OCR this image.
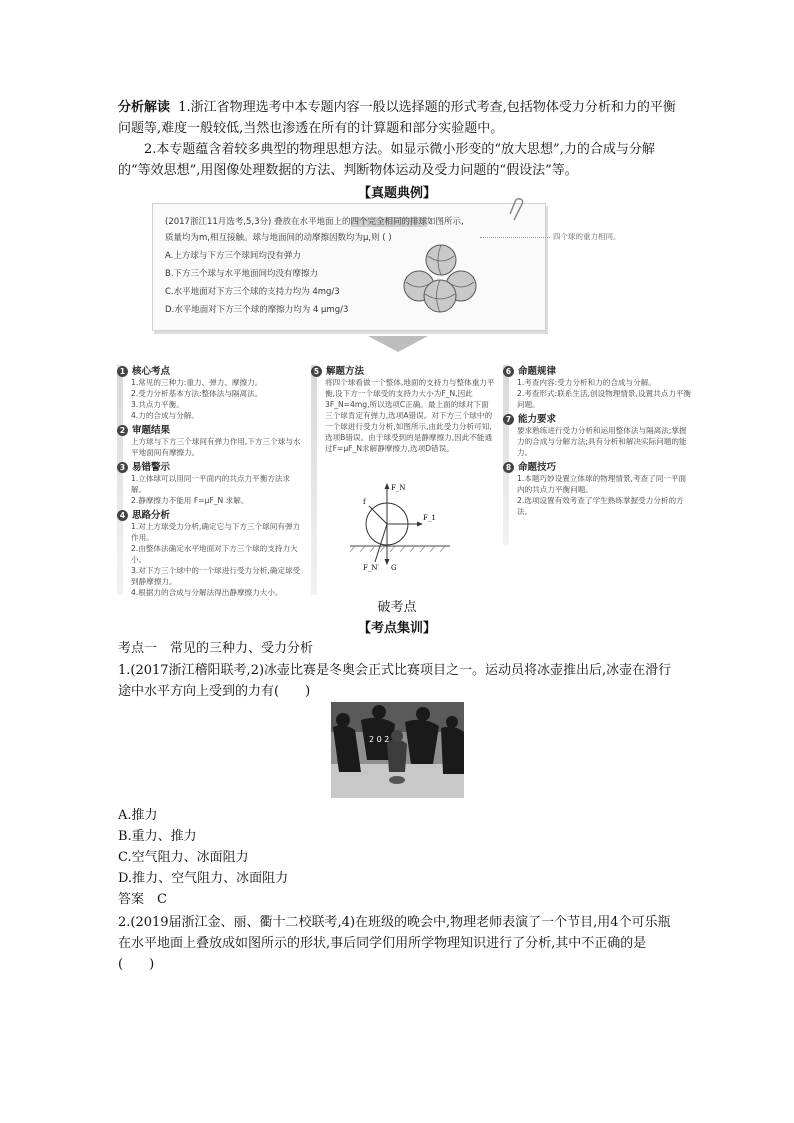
分析解读 1.浙江省物理选考中本专题内容一般以选择题的形式考查,包括物体受力分析和力的平衡问题等,难度一般较低,当然也渗透在所有的计算题和部分实验题中。
2.本专题蕴含着较多典型的物理思想方法。如显示微小形变的“放大思想”,力的合成与分解的“等效思想”,用图像处理数据的方法、判断物体运动及受力问题的“假设法”等。
【真题典例】
(2017浙江11月选考,5,3分) 叠放在水平地面上的四个完全相同的排球如图所示,
质量均为m,相互接触。球与地面间的动摩擦因数均为μ,则 ( )
A.上方球与下方三个球间均没有弹力
B.下方三个球与水平地面间均没有摩擦力
C.水平地面对下方三个球的支持力均为 4mg/3
D.水平地面对下方三个球的摩擦力均为 4 μmg/3
四个球的重力相同。
1 核心考点
1.常见的三种力:重力、弹力、摩擦力。
2.受力分析基本方法:整体法与隔离法。
3.共点力平衡。
4.力的合成与分解。
2 审题结果
上方球与下方三个球间有弹力作用,下方三个球与水平地面间有摩擦力。
3 易错警示
1.立体球可以用同一平面内的共点力平衡方法求解。
2.静摩擦力不能用 F=μF_N 求解。
4 思路分析
1.对上方球受力分析,确定它与下方三个球间有弹力作用。
2.由整体法确定水平地面对下方三个球的支持力大小。
3.对下方三个球中的一个球进行受力分析,确定球受到静摩擦力。
4.根据力的合成与分解法得出静摩擦力大小。
5 解题方法
将四个球看做一个整体,地面的支持力与整体重力平衡,设下方一个球受的支持力大小为F_N,因此3F_N=4mg,所以选项C正确。最上面的球对下面三个球肯定有弹力,选项A错误。对下方三个球中的一个球进行受力分析,如图所示,由此受力分析可知,选项B错误。由于球受到的是静摩擦力,因此不能通过F=μF_N求解静摩擦力,选项D错误。
F_N
F_1
f
F_N′ G
6 命题规律
1.考查内容:受力分析和力的合成与分解。
2.考查形式:联系生活,创设物理情景,设置共点力平衡问题。
7 能力要求
要求熟练进行受力分析和运用整体法与隔离法;掌握力的合成与分解方法;具有分析和解决实际问题的能力。
8 命题技巧
1.本题巧妙设置立体球的物理情景,考查了同一平面内的共点力平衡问题。
2.选项设置有效考查了学生熟练掌握受力分析的方法。
破考点
【考点集训】
考点一　常见的三种力、受力分析
1.(2017浙江稽阳联考,2)冰壶比赛是冬奥会正式比赛项目之一。运动员将冰壶推出后,冰壶在滑行途中水平方向上受到的力有(　　)
2 0 2
A.推力
B.重力、推力
C.空气阻力、冰面阻力
D.推力、空气阻力、冰面阻力
答案　C
2.(2019届浙江金、丽、衢十二校联考,4)在班级的晚会中,物理老师表演了一个节目,用4个可乐瓶在水平地面上叠放成如图所示的形状,事后同学们用所学物理知识进行了分析,其中不正确的是(　　)
